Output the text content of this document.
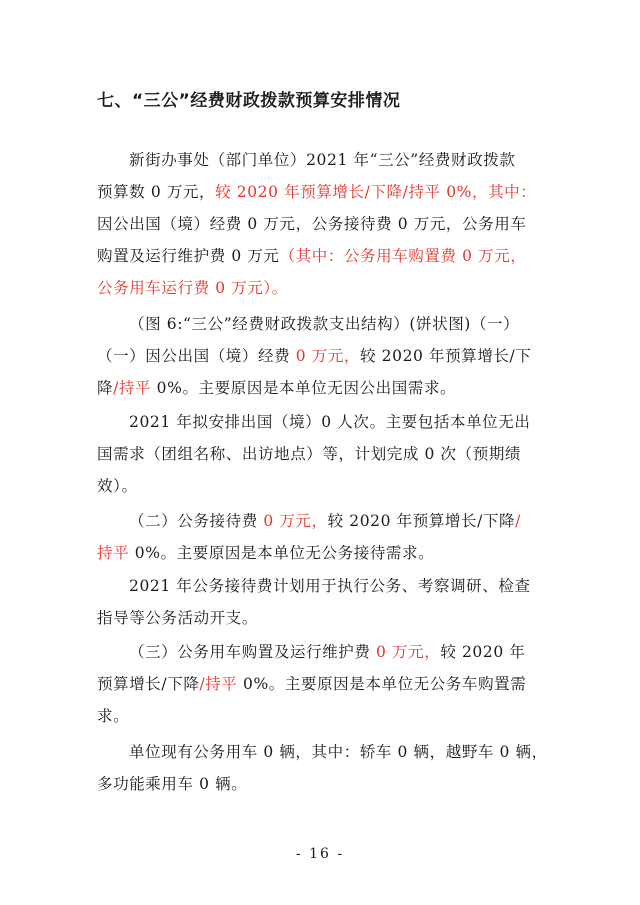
七、“三公”经费财政拨款预算安排情况
新街办事处（部门单位）2021 年“三公”经费财政拨款
预算数 0 万元，较 2020 年预算增长/下降/持平 0%，其中：
因公出国（境）经费 0 万元，公务接待费 0 万元，公务用车
购置及运行维护费 0 万元（其中：公务用车购置费 0 万元，
公务用车运行费 0 万元）。
（图 6:“三公”经费财政拨款支出结构）(饼状图)（一）
（一）因公出国（境）经费 0 万元，较 2020 年预算增长/下
降/持平 0%。主要原因是本单位无因公出国需求。
2021 年拟安排出国（境）0 人次。主要包括本单位无出
国需求（团组名称、出访地点）等，计划完成 0 次（预期绩
效）。
（二）公务接待费 0 万元，较 2020 年预算增长/下降/
持平 0%。主要原因是本单位无公务接待需求。
2021 年公务接待费计划用于执行公务、考察调研、检查
指导等公务活动开支。
（三）公务用车购置及运行维护费 0 万元，较 2020 年
预算增长/下降/持平 0%。主要原因是本单位无公务车购置需
求。
单位现有公务用车 0 辆，其中：轿车 0 辆，越野车 0 辆，
多功能乘用车 0 辆。
- 16 -
